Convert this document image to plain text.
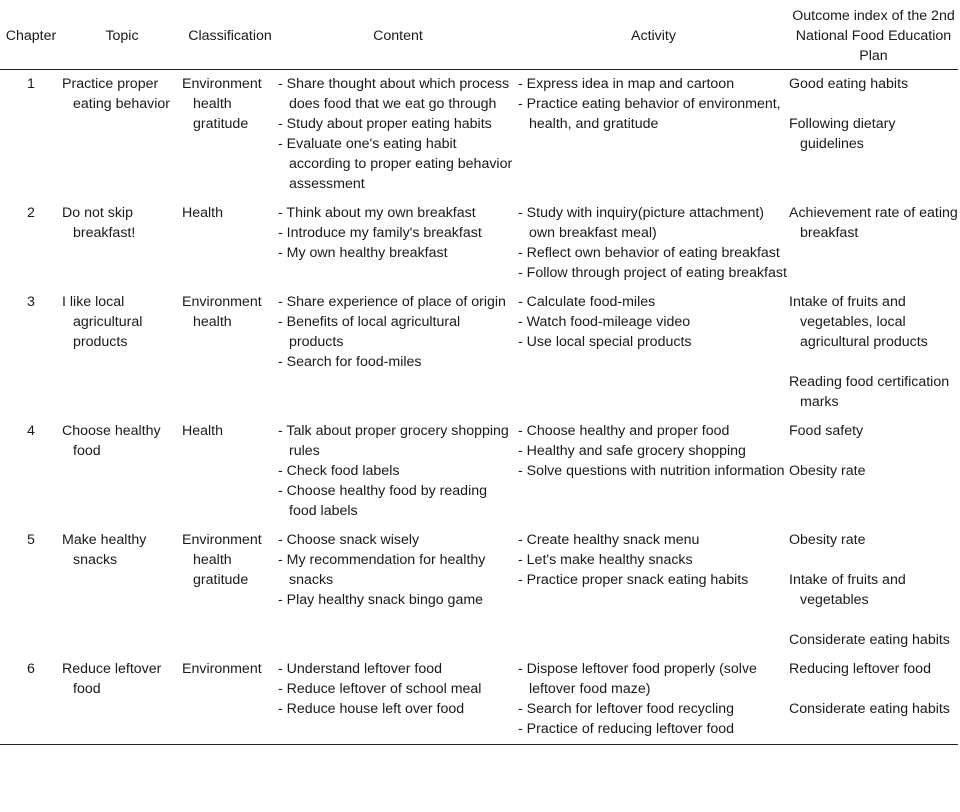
Chapter	Topic	Classification	Content	Activity	Outcome index of the 2nd National Food Education Plan
1	Practice proper eating behavior	Environment
health
gratitude	- Share thought about which process does food that we eat go through
- Study about proper eating habits
- Evaluate one's eating habit according to proper eating behavior assessment	- Express idea in map and cartoon
- Practice eating behavior of environment, health, and gratitude	Good eating habits
Following dietary guidelines

2	Do not skip breakfast!	Health	- Think about my own breakfast
- Introduce my family's breakfast
- My own healthy breakfast	- Study with inquiry(picture attachment) own breakfast meal)
- Reflect own behavior of eating breakfast
- Follow through project of eating breakfast	Achievement rate of eating breakfast

3	I like local agricultural products	Environment
health	- Share experience of place of origin
- Benefits of local agricultural products
- Search for food-miles	- Calculate food-miles
- Watch food-mileage video
- Use local special products	Intake of fruits and vegetables, local agricultural products
Reading food certification marks

4	Choose healthy food	Health	- Talk about proper grocery shopping rules
- Check food labels
- Choose healthy food by reading food labels	- Choose healthy and proper food
- Healthy and safe grocery shopping
- Solve questions with nutrition information	Food safety
Obesity rate

5	Make healthy snacks	Environment
health
gratitude	- Choose snack wisely
- My recommendation for healthy snacks
- Play healthy snack bingo game	- Create healthy snack menu
- Let's make healthy snacks
- Practice proper snack eating habits	Obesity rate
Intake of fruits and vegetables
Considerate eating habits

6	Reduce leftover food	Environment	- Understand leftover food
- Reduce leftover of school meal
- Reduce house left over food	- Dispose leftover food properly (solve leftover food maze)
- Search for leftover food recycling
- Practice of reducing leftover food	Reducing leftover food
Considerate eating habits
